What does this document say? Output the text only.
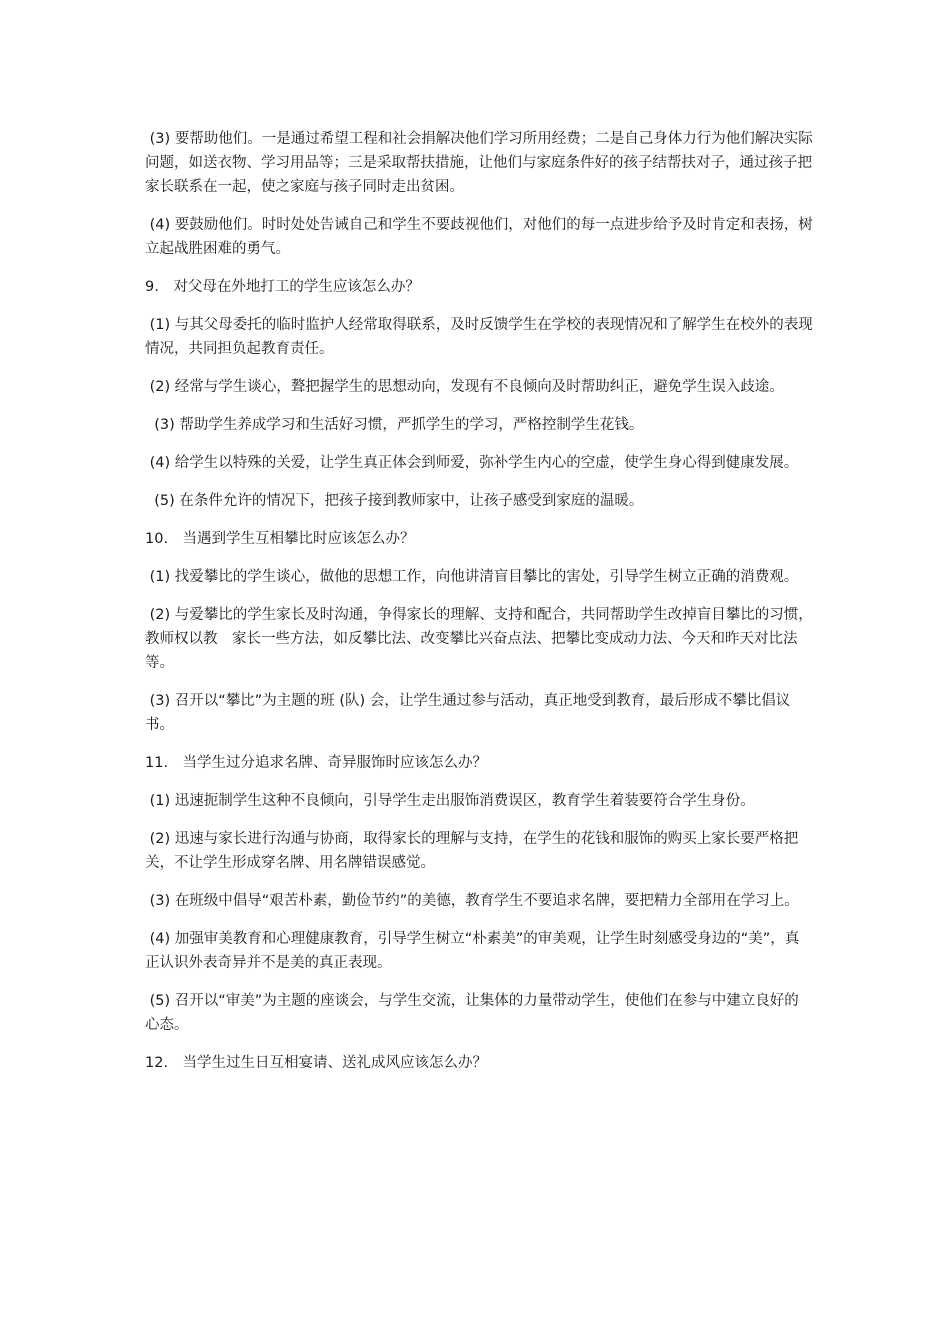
(3) 要帮助他们。一是通过希望工程和社会捐解决他们学习所用经费；二是自己身体力行为他们解决实际问题，如送衣物、学习用品等；三是采取帮扶措施，让他们与家庭条件好的孩子结帮扶对子，通过孩子把家长联系在一起，使之家庭与孩子同时走出贫困。

(4) 要鼓励他们。时时处处告诫自己和学生不要歧视他们，对他们的每一点进步给予及时肯定和表扬，树立起战胜困难的勇气。

9.　对父母在外地打工的学生应该怎么办？

(1) 与其父母委托的临时监护人经常取得联系，及时反馈学生在学校的表现情况和了解学生在校外的表现情况，共同担负起教育责任。

(2) 经常与学生谈心，聱把握学生的思想动向，发现有不良倾向及时帮助纠正，避免学生误入歧途。

(3) 帮助学生养成学习和生活好习惯，严抓学生的学习，严格控制学生花钱。

(4) 给学生以特殊的关爱，让学生真正体会到师爱，弥补学生内心的空虚，使学生身心得到健康发展。

(5) 在条件允许的情况下，把孩子接到教师家中，让孩子感受到家庭的温暖。

10.　当遇到学生互相攀比时应该怎么办？

(1) 找爱攀比的学生谈心，做他的思想工作，向他讲清盲目攀比的害处，引导学生树立正确的消费观。

(2) 与爱攀比的学生家长及时沟通，争得家长的理解、支持和配合，共同帮助学生改掉盲目攀比的习惯，教师权以教　家长一些方法，如反攀比法、改变攀比兴奋点法、把攀比变成动力法、今天和昨天对比法等。

(3) 召开以“攀比”为主题的班 (队) 会，让学生通过参与活动，真正地受到教育，最后形成不攀比倡议书。

11.　当学生过分追求名牌、奇异服饰时应该怎么办？

(1) 迅速扼制学生这种不良倾向，引导学生走出服饰消费误区，教育学生着装要符合学生身份。

(2) 迅速与家长进行沟通与协商，取得家长的理解与支持，在学生的花钱和服饰的购买上家长要严格把关，不让学生形成穿名牌、用名牌错误感觉。

(3) 在班级中倡导“艰苦朴素，勤俭节约”的美德，教育学生不要追求名牌，要把精力全部用在学习上。

(4) 加强审美教育和心理健康教育，引导学生树立“朴素美”的审美观，让学生时刻感受身边的“美”，真正认识外表奇异并不是美的真正表现。

(5) 召开以“审美”为主题的座谈会，与学生交流，让集体的力量带动学生，使他们在参与中建立良好的心态。

12.　当学生过生日互相宴请、送礼成风应该怎么办？
